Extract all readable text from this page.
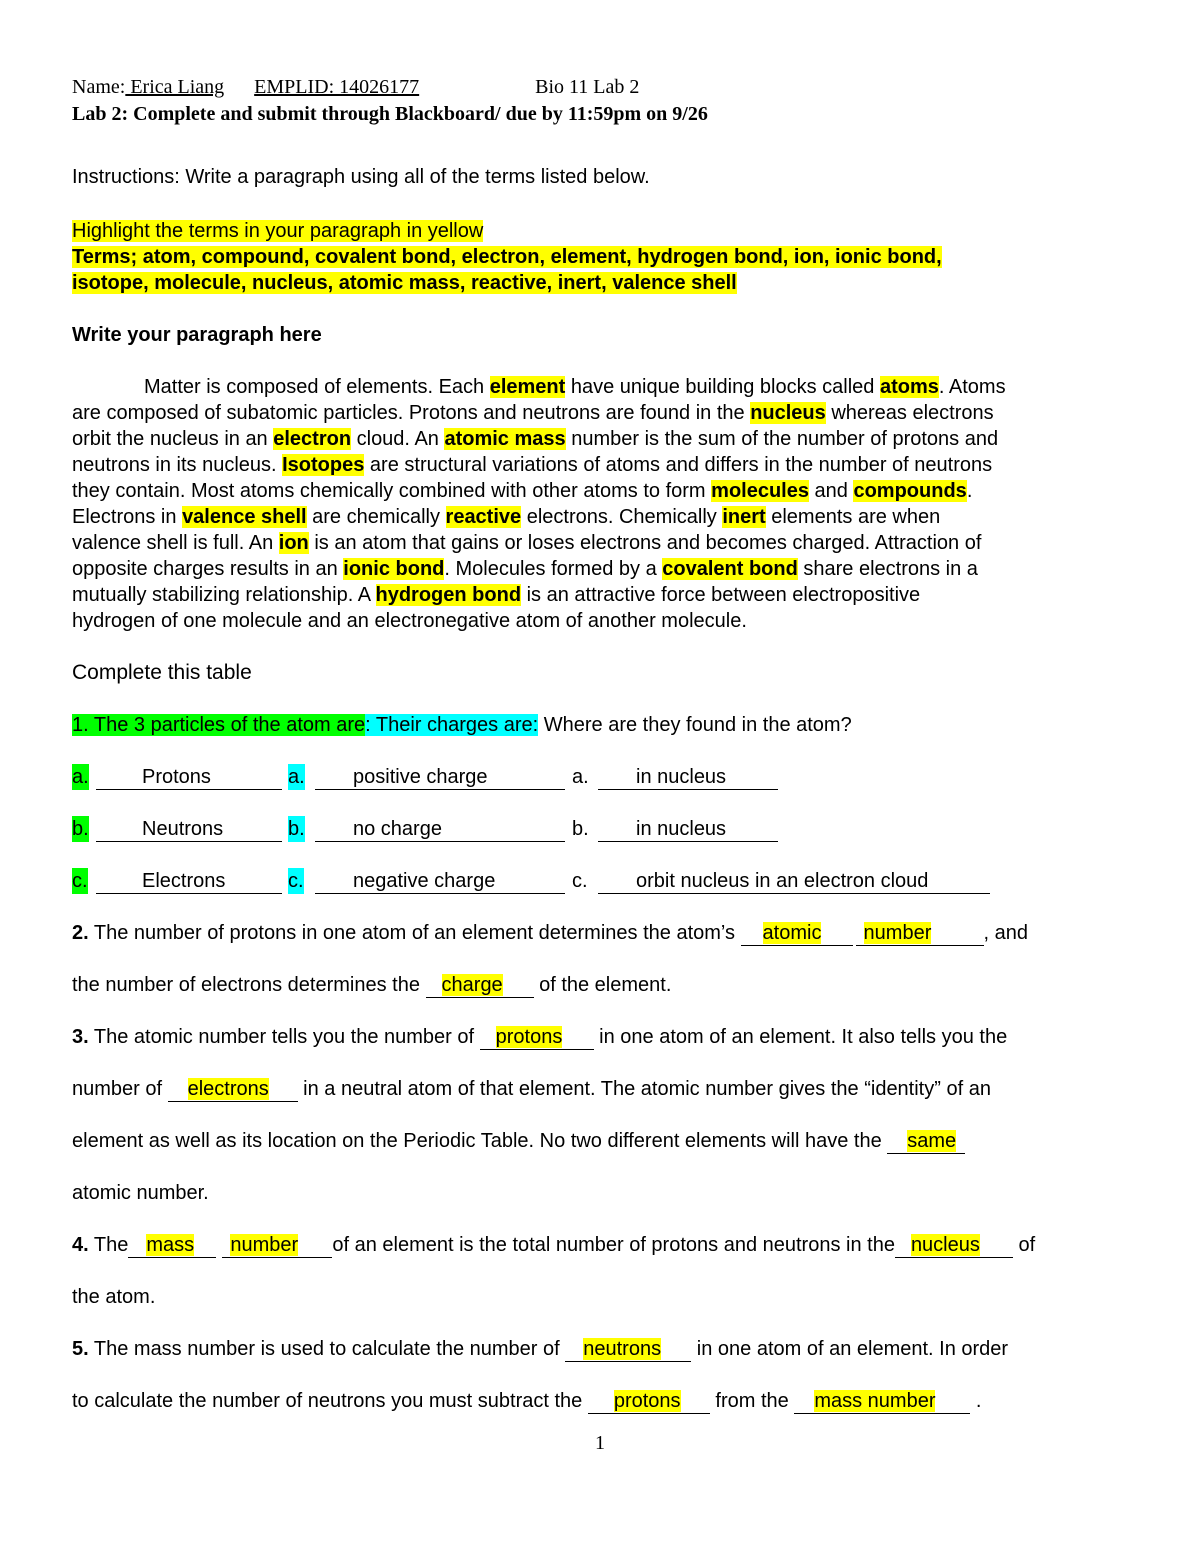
Name: Erica Liang EMPLID: 14026177	Bio 11 Lab 2
Lab 2: Complete and submit through Blackboard/ due by 11:59pm on 9/26
Instructions: Write a paragraph using all of the terms listed below.
Highlight the terms in your paragraph in yellow
Terms; atom, compound, covalent bond, electron, element, hydrogen bond, ion, ionic bond,
isotope, molecule, nucleus, atomic mass, reactive, inert, valence shell
Write your paragraph here
Matter is composed of elements. Each element have unique building blocks called atoms. Atoms
are composed of subatomic particles. Protons and neutrons are found in the nucleus whereas electrons
orbit the nucleus in an electron cloud. An atomic mass number is the sum of the number of protons and
neutrons in its nucleus. Isotopes are structural variations of atoms and differs in the number of neutrons
they contain. Most atoms chemically combined with other atoms to form molecules and compounds.
Electrons in valence shell are chemically reactive electrons. Chemically inert elements are when
valence shell is full. An ion is an atom that gains or loses electrons and becomes charged. Attraction of
opposite charges results in an ionic bond. Molecules formed by a covalent bond share electrons in a
mutually stabilizing relationship. A hydrogen bond is an attractive force between electropositive
hydrogen of one molecule and an electronegative atom of another molecule.
Complete this table
1. The 3 particles of the atom are: Their charges are: Where are they found in the atom?
a.	Protons	a.	positive charge	a.	in nucleus
b.	Neutrons	b.	no charge	b.	in nucleus
c.	Electrons	c.	negative charge	c.	orbit nucleus in an electron cloud
2. The number of protons in one atom of an element determines the atom’s atomic number	, and
the number of electrons determines the charge of the element.
3. The atomic number tells you the number of protons in one atom of an element. It also tells you the
number of electrons in a neutral atom of that element. The atomic number gives the “identity” of an
element as well as its location on the Periodic Table. No two different elements will have the same
atomic number.
4. The mass number of an element is the total number of protons and neutrons in the nucleus of
the atom.
5. The mass number is used to calculate the number of neutrons in one atom of an element. In order
to calculate the number of neutrons you must subtract the protons from the mass number .
1
